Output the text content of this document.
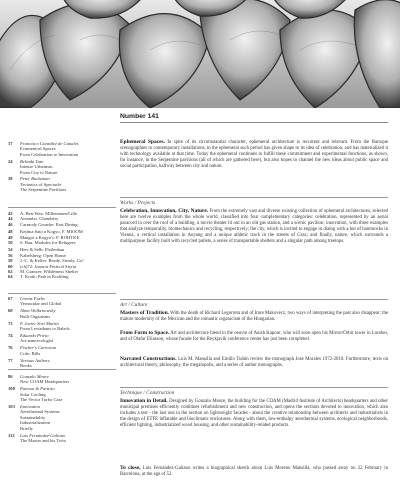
Number 141
17	Francisco González de Canales
Ecumenical Spaces
From Celebration to Innovation
24	Belinda Tato
Intense Urbanism
From City to Nature
28	Peter Buchanan
Tectonics of Spectacle
The Serpentine Pavilions
42	A. Ben-Wax: Millennium/Lille
44	Ateambo: Chambéry
46	Carmody Groarke: East Dining
48	Kejima Sato a Kogyo, F. MIOOM
49	Mangot a Kogyo's: F. ROHTKE
50	S. Bau: Modules for Refugees
54	Herr & Selb: Fleilenbau
56	Kabelsberg: Open House
58	J.-C. & Keller: Ready, Steady, Go!
60	(ch)72: Jonoroi Festival Styria
62	M. Granzer: Wilderness Shelter
64	T. Kroth: Path in Kodrling
67	Lorenz Fuchs
Vernacular and Global
68	Alma Wolkenowsky
Built Organisms
72	F. Javier Sort Martin
From Leviathans to Babels
74	Eduardo Prieto
Art-nanoecologist
76	Fischer's Cartesian
Critic Bills
77	Various Authors
Books
86	Gonzalo Moure
New COAM Headquarters
100	Paiessa & Paraiso
Solar Cooling
The Vector Turbo Case
103	Innovation
Aerothermal Systems
Sustainability
Industrialization
Briefly
112	Luis Fernández-Galiano
The Master and his Twin
Ephemeral Spaces. In spite of its circumstantial character, ephemeral architecture is recurrent and relevant. From the Baroque scenographies to contemporary installations, in the ephemeral such period has given shape to its idea of celebration, and has materialized it with technology available at that time. Today the ephemeral continues to fulfill these commitment and experimental functions, as shown, for instance, in the Serpentine pavilions (all of which are gathered here), but also hopes to channel the new ideas about public space and social participation, halfway between city and nature.
Works / Projects
Celebration, Innovation, City, Nature. From the extremely vast and diverse existing collection of ephemeral architectures, selected here are twelve examples from the whole world, classified into four complementary categories: celebration, represented by an aerial paracord in over the roof of a building, a movie theater lit out in an old gas station, and a scenic pavilion; innovation, with three examples that analyze temporality, biomechanics and recycling, respectively; the city, which is invited to engage in dialog with a hut of hammocks in Vienna, a vertical installation in Anyang and a unique athletic track in the streets of Graz; and finally, nature, which surrounds a multipurpose facility built with recycled pallets, a series of transportable shelters and a singular path among treetops.
Art / Culture
Masters of Tradition. With the death of Richard Legorreta and of Imre Makovecz, two ways of interpreting the past also disappear: the mature modernity of the Mexican and the romantic organicism of the Hungarian.
From Form to Space. Art and architecture blend in the oeuvre of Anish Kapoor, who will soon open his Mirror/Orbit tower in London, and of Olafur Eliasson, whose facade for the Reykjavik conference center has just been completed.
Narrated Constructions. Luis M. Mansilla and Emilio Tuñón review the monograph Jose Morales 1972-2010. Furthermore, texts on architectural theory, philosophy, the megalopolis, and a series of author monographs.
Technique / Construction
Innovation in Detail. Designed by Gonzalo Moure, the building for the COAM (Madrid Institute of Architects) headquarters and other municipal premises efficiently combines refurbishment and new construction, and opens the sections devoted to innovation, which also includes a test - the last one in the section on lightweight facades - about the creative relationship between architects and industrialists in the design of ETFE inflatable and bioclimatic enclosures. Along with them, low-enthalpy aerothermal systems, ecological neighborhoods, efficient lighting, industrialized wood housing, and other sustainability-related products.
To close, Luis Fernández-Galiano writes a biographical sketch about Luis Moreno Mansilla, who passed away on 22 February in Barcelona, at the age of 52.
